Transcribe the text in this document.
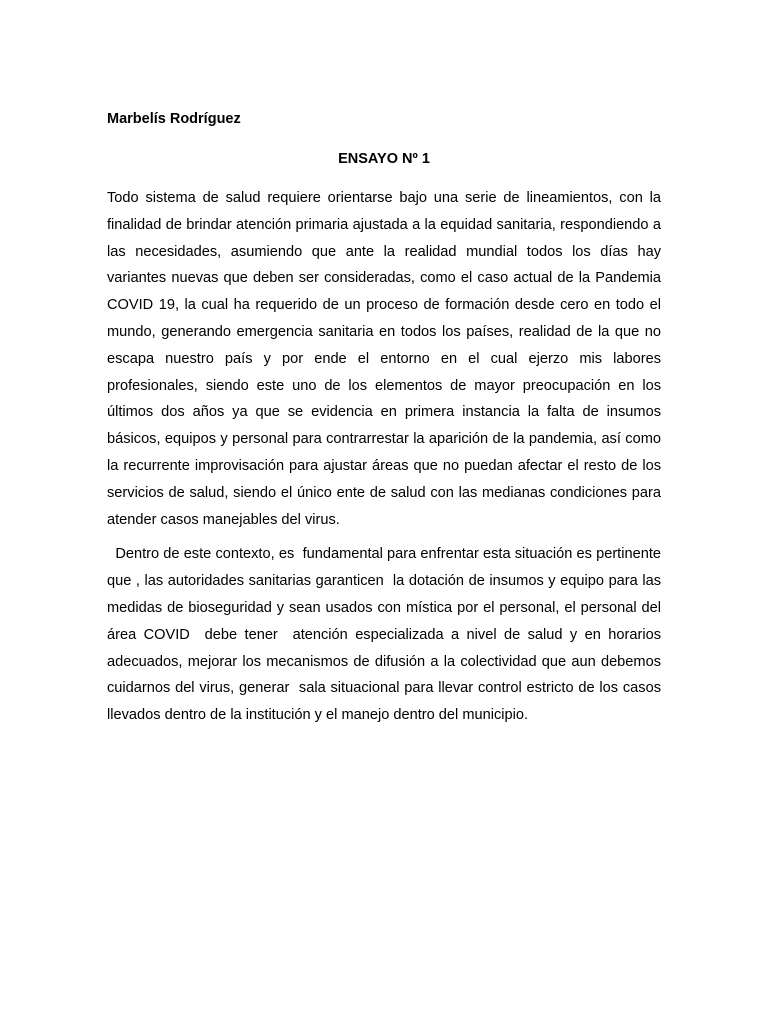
Marbelís Rodríguez

ENSAYO Nº 1

Todo sistema de salud requiere orientarse bajo una serie de lineamientos, con la finalidad de brindar atención primaria ajustada a la equidad sanitaria, respondiendo a las necesidades, asumiendo que ante la realidad mundial todos los días hay variantes nuevas que deben ser consideradas, como el caso actual de la Pandemia COVID 19, la cual ha requerido de un proceso de formación desde cero en todo el mundo, generando emergencia sanitaria en todos los países, realidad de la que no escapa nuestro país y por ende el entorno en el cual ejerzo mis labores profesionales, siendo este uno de los elementos de mayor preocupación en los últimos dos años ya que se evidencia en primera instancia la falta de insumos básicos, equipos y personal para contrarrestar la aparición de la pandemia, así como la recurrente improvisación para ajustar áreas que no puedan afectar el resto de los servicios de salud, siendo el único ente de salud con las medianas condiciones para atender casos manejables del virus.

Dentro de este contexto, es  fundamental para enfrentar esta situación es pertinente que , las autoridades sanitarias garanticen  la dotación de insumos y equipo para las medidas de bioseguridad y sean usados con mística por el personal, el personal del área COVID  debe tener  atención especializada a nivel de salud y en horarios adecuados, mejorar los mecanismos de difusión a la colectividad que aun debemos cuidarnos del virus, generar  sala situacional para llevar control estricto de los casos llevados dentro de la institución y el manejo dentro del municipio.
